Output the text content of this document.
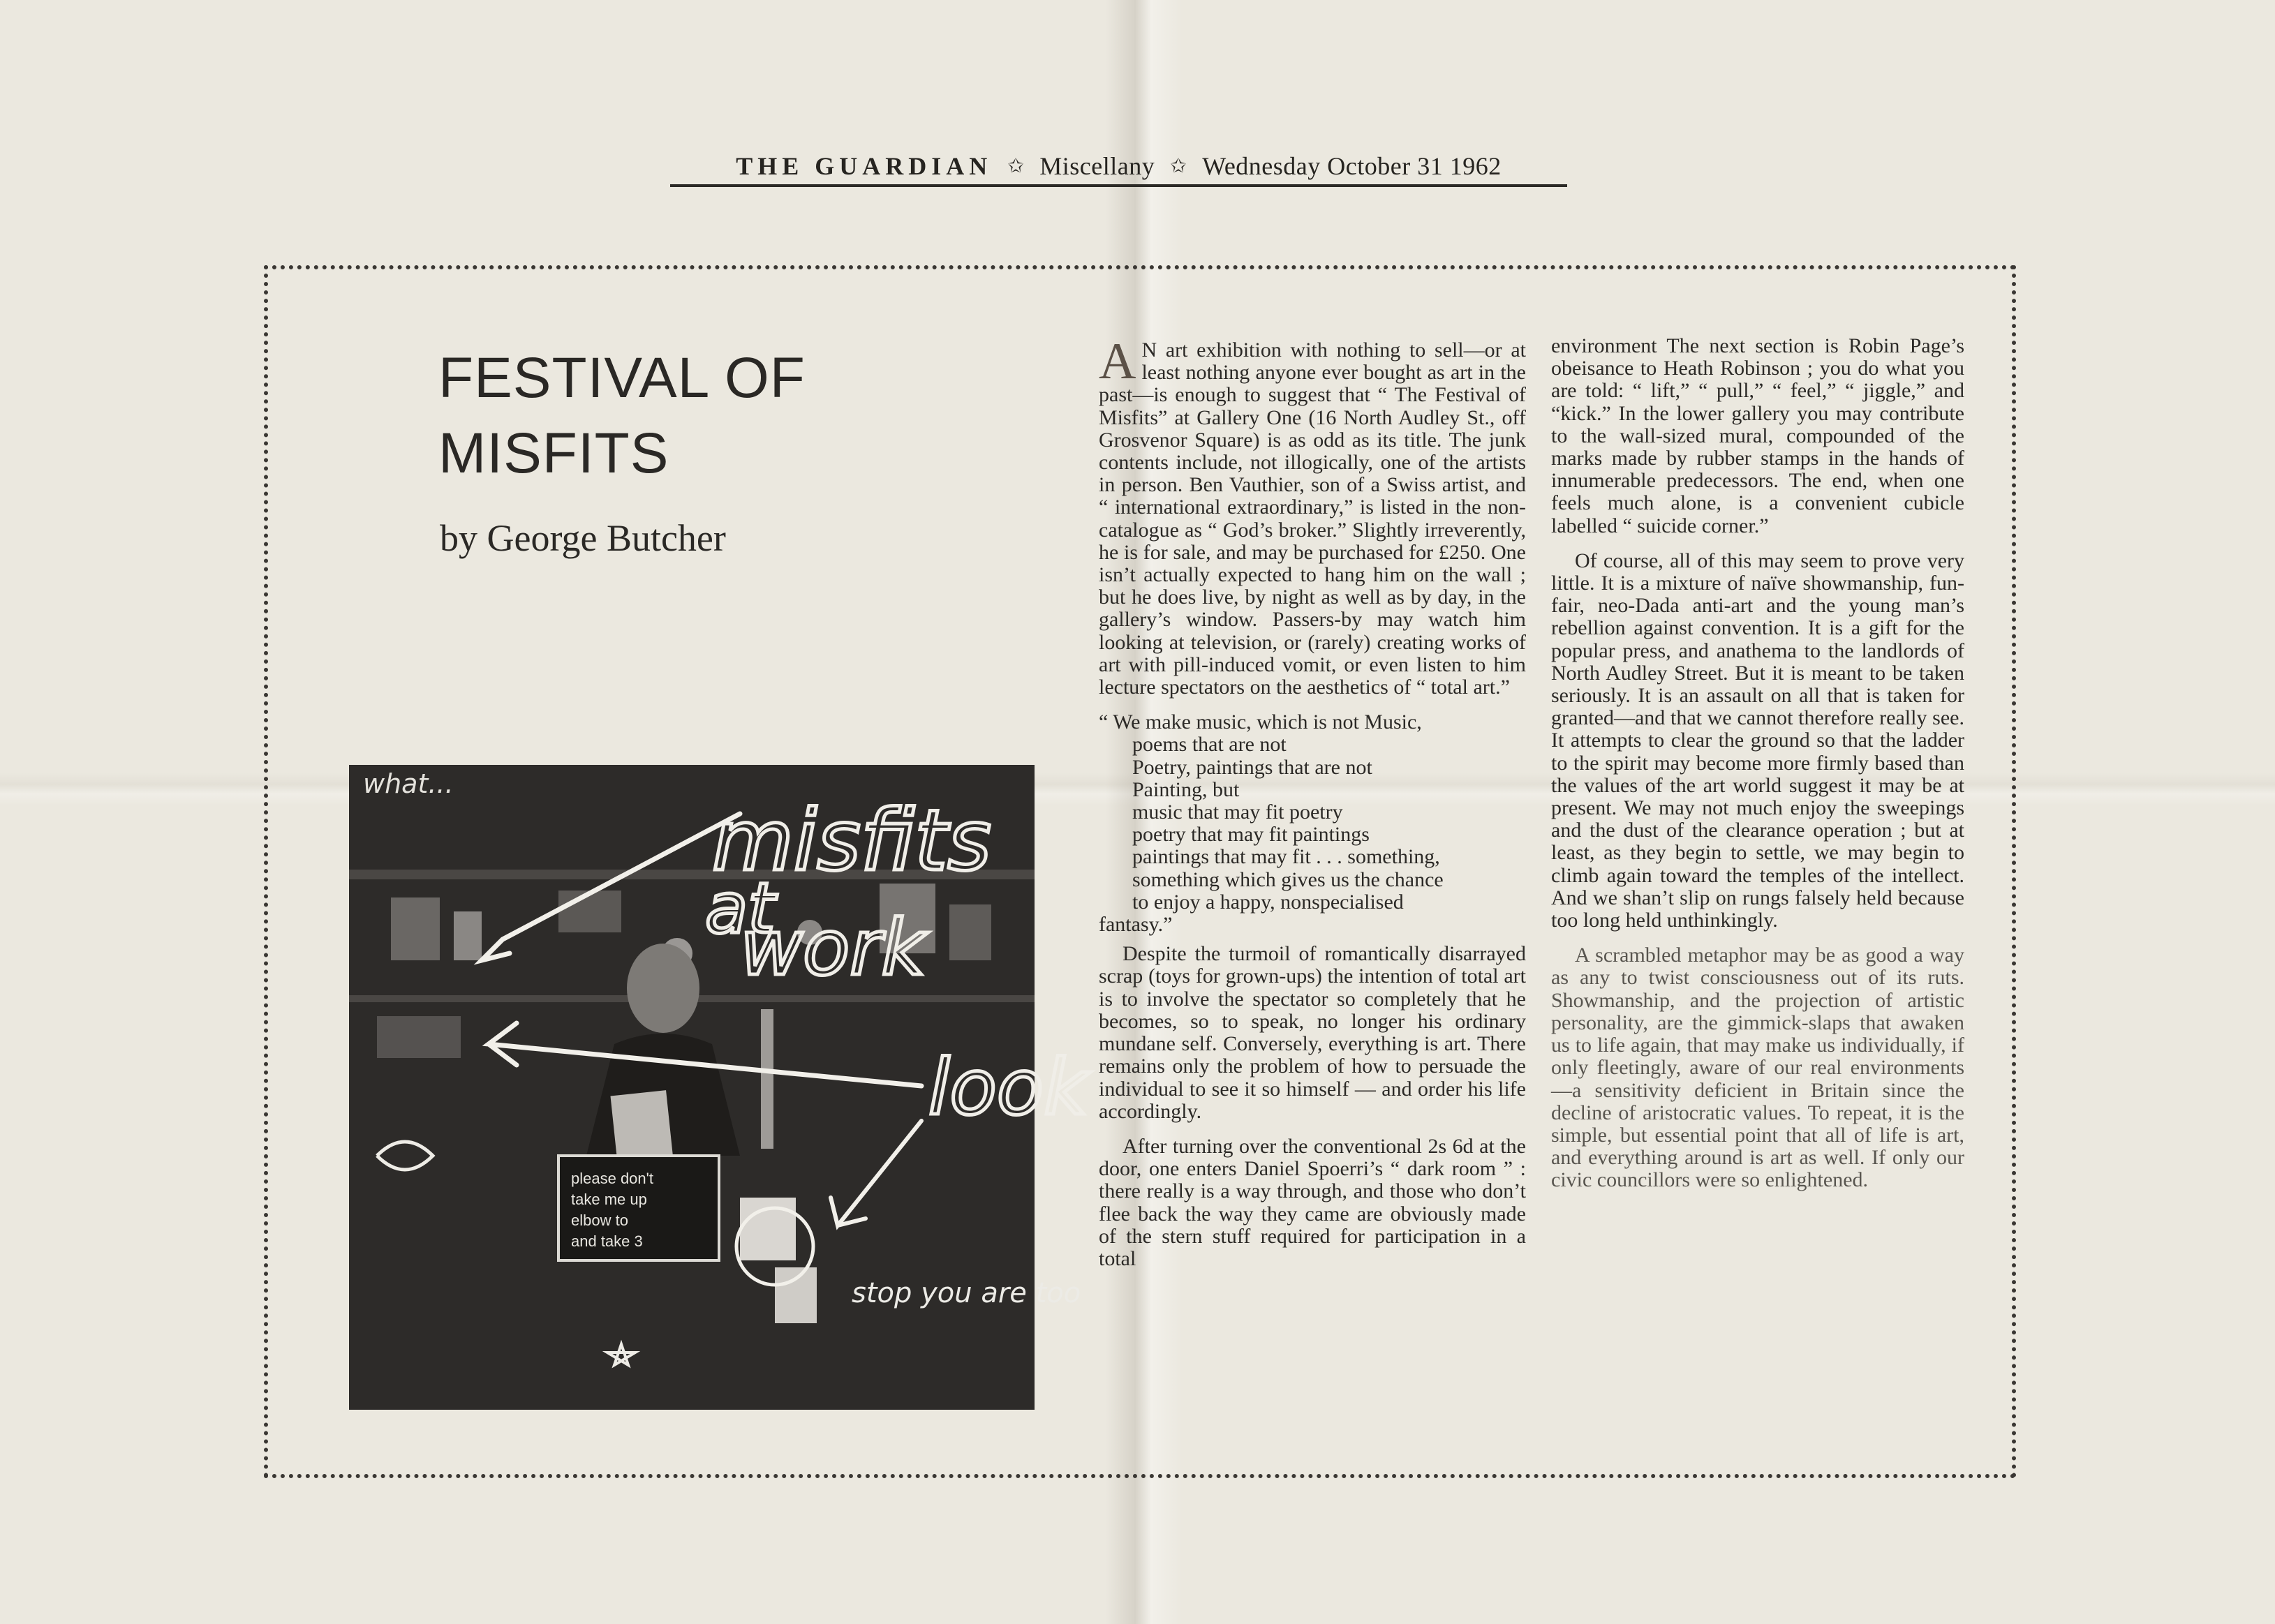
THE GUARDIAN ✩ Miscellany ✩ Wednesday October 31 1962
FESTIVAL OF
MISFITS

by George Butcher

please don't
take me up
elbow to
and take 3
what...
misfits
at
work
look
stop you are too

A N art exhibition with nothing to sell—or at least nothing anyone ever bought as art in the past—is enough to suggest that “ The Festival of Misfits” at Gallery One (16 North Audley St., off Grosvenor Square) is as odd as its title. The junk contents include, not illogically, one of the artists in person. Ben Vauthier, son of a Swiss artist, and “ international extraordinary,” is listed in the non-catalogue as “ God’s broker.” Slightly irreverently, he is for sale, and may be purchased for £250. One isn’t actually expected to hang him on the wall ; but he does live, by night as well as by day, in the gallery’s window. Passers-by may watch him looking at television, or (rarely) creating works of art with pill-induced vomit, or even listen to him lecture spectators on the aesthetics of “ total art.”

“ We make music, which is not Music,
poems that are not
Poetry, paintings that are not
Painting, but
music that may fit poetry
poetry that may fit paintings
paintings that may fit . . . something,
something which gives us the chance
to enjoy a happy, nonspecialised
fantasy.”

Despite the turmoil of romantically disarrayed scrap (toys for grown-ups) the intention of total art is to involve the spectator so completely that he becomes, so to speak, no longer his ordinary mundane self. Conversely, everything is art. There remains only the problem of how to persuade the individual to see it so himself — and order his life accordingly.

After turning over the conventional 2s 6d at the door, one enters Daniel Spoerri’s “ dark room ” : there really is a way through, and those who don’t flee back the way they came are obviously made of the stern stuff required for participation in a total

environment The next section is Robin Page’s obeisance to Heath Robinson ; you do what you are told: “ lift,” “ pull,” “ feel,” “ jiggle,” and “kick.” In the lower gallery you may contribute to the wall-sized mural, compounded of the marks made by rubber stamps in the hands of innumerable predecessors. The end, when one feels much alone, is a convenient cubicle labelled “ suicide corner.”

Of course, all of this may seem to prove very little. It is a mixture of naïve showmanship, fun-fair, neo-Dada anti-art and the young man’s rebellion against convention. It is a gift for the popular press, and anathema to the landlords of North Audley Street. But it is meant to be taken seriously. It is an assault on all that is taken for granted—and that we cannot therefore really see. It attempts to clear the ground so that the ladder to the spirit may become more firmly based than the values of the art world suggest it may be at present. We may not much enjoy the sweepings and the dust of the clearance operation ; but at least, as they begin to settle, we may begin to climb again toward the temples of the intellect. And we shan’t slip on rungs falsely held because too long held unthinkingly.

A scrambled metaphor may be as good a way as any to twist consciousness out of its ruts. Showmanship, and the projection of artistic personality, are the gimmick-slaps that awaken us to life again, that may make us individually, if only fleetingly, aware of our real environments —a sensitivity deficient in Britain since the decline of aristocratic values. To repeat, it is the simple, but essential point that all of life is art, and everything around is art as well. If only our civic councillors were so enlightened.
